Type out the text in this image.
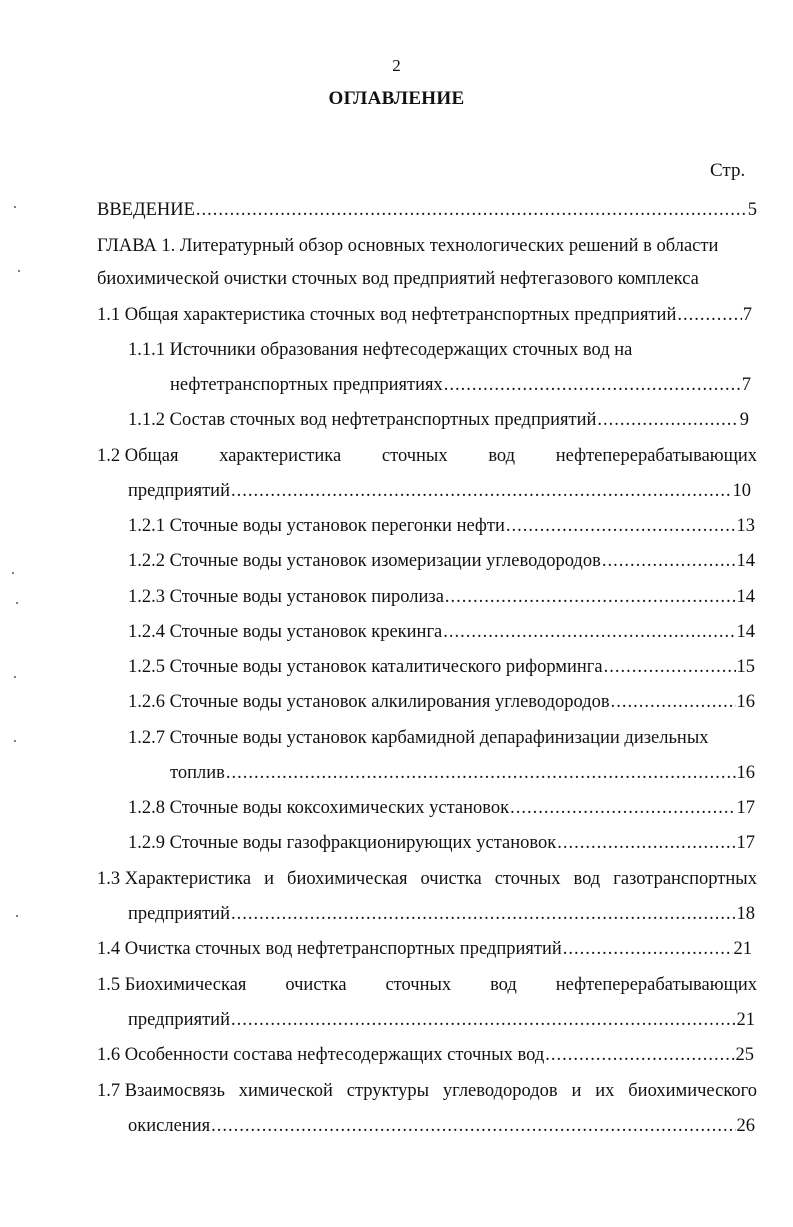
2
ОГЛАВЛЕНИЕ
Стр.
ВВЕДЕНИЕ .....	5
ГЛАВА 1. Литературный обзор основных технологических решений в области
биохимической очистки сточных вод предприятий нефтегазового комплекса
1.1 Общая характеристика сточных вод нефтетранспортных предприятий .....	7
1.1.1 Источники образования нефтесодержащих сточных вод на
нефтетранспортных предприятиях .....	7
1.1.2 Состав сточных вод нефтетранспортных предприятий .....	9
1.2 Общая характеристика сточных вод нефтеперерабатывающих
предприятий .....	10
1.2.1 Сточные воды установок перегонки нефти .....	13
1.2.2 Сточные воды установок изомеризации углеводородов .....	14
1.2.3 Сточные воды установок пиролиза .....	14
1.2.4 Сточные воды установок крекинга .....	14
1.2.5 Сточные воды установок каталитического риформинга .....	15
1.2.6 Сточные воды установок алкилирования углеводородов .....	16
1.2.7 Сточные воды установок карбамидной депарафинизации дизельных
топлив .....	16
1.2.8 Сточные воды коксохимических установок .....	17
1.2.9 Сточные воды газофракционирующих установок .....	17
1.3 Характеристика и биохимическая очистка сточных вод газотранспортных
предприятий .....	18
1.4 Очистка сточных вод нефтетранспортных предприятий .....	21
1.5 Биохимическая очистка сточных вод нефтеперерабатывающих
предприятий .....	21
1.6 Особенности состава нефтесодержащих сточных вод .....	25
1.7 Взаимосвязь химической структуры углеводородов и их биохимического
окисления .....	26
